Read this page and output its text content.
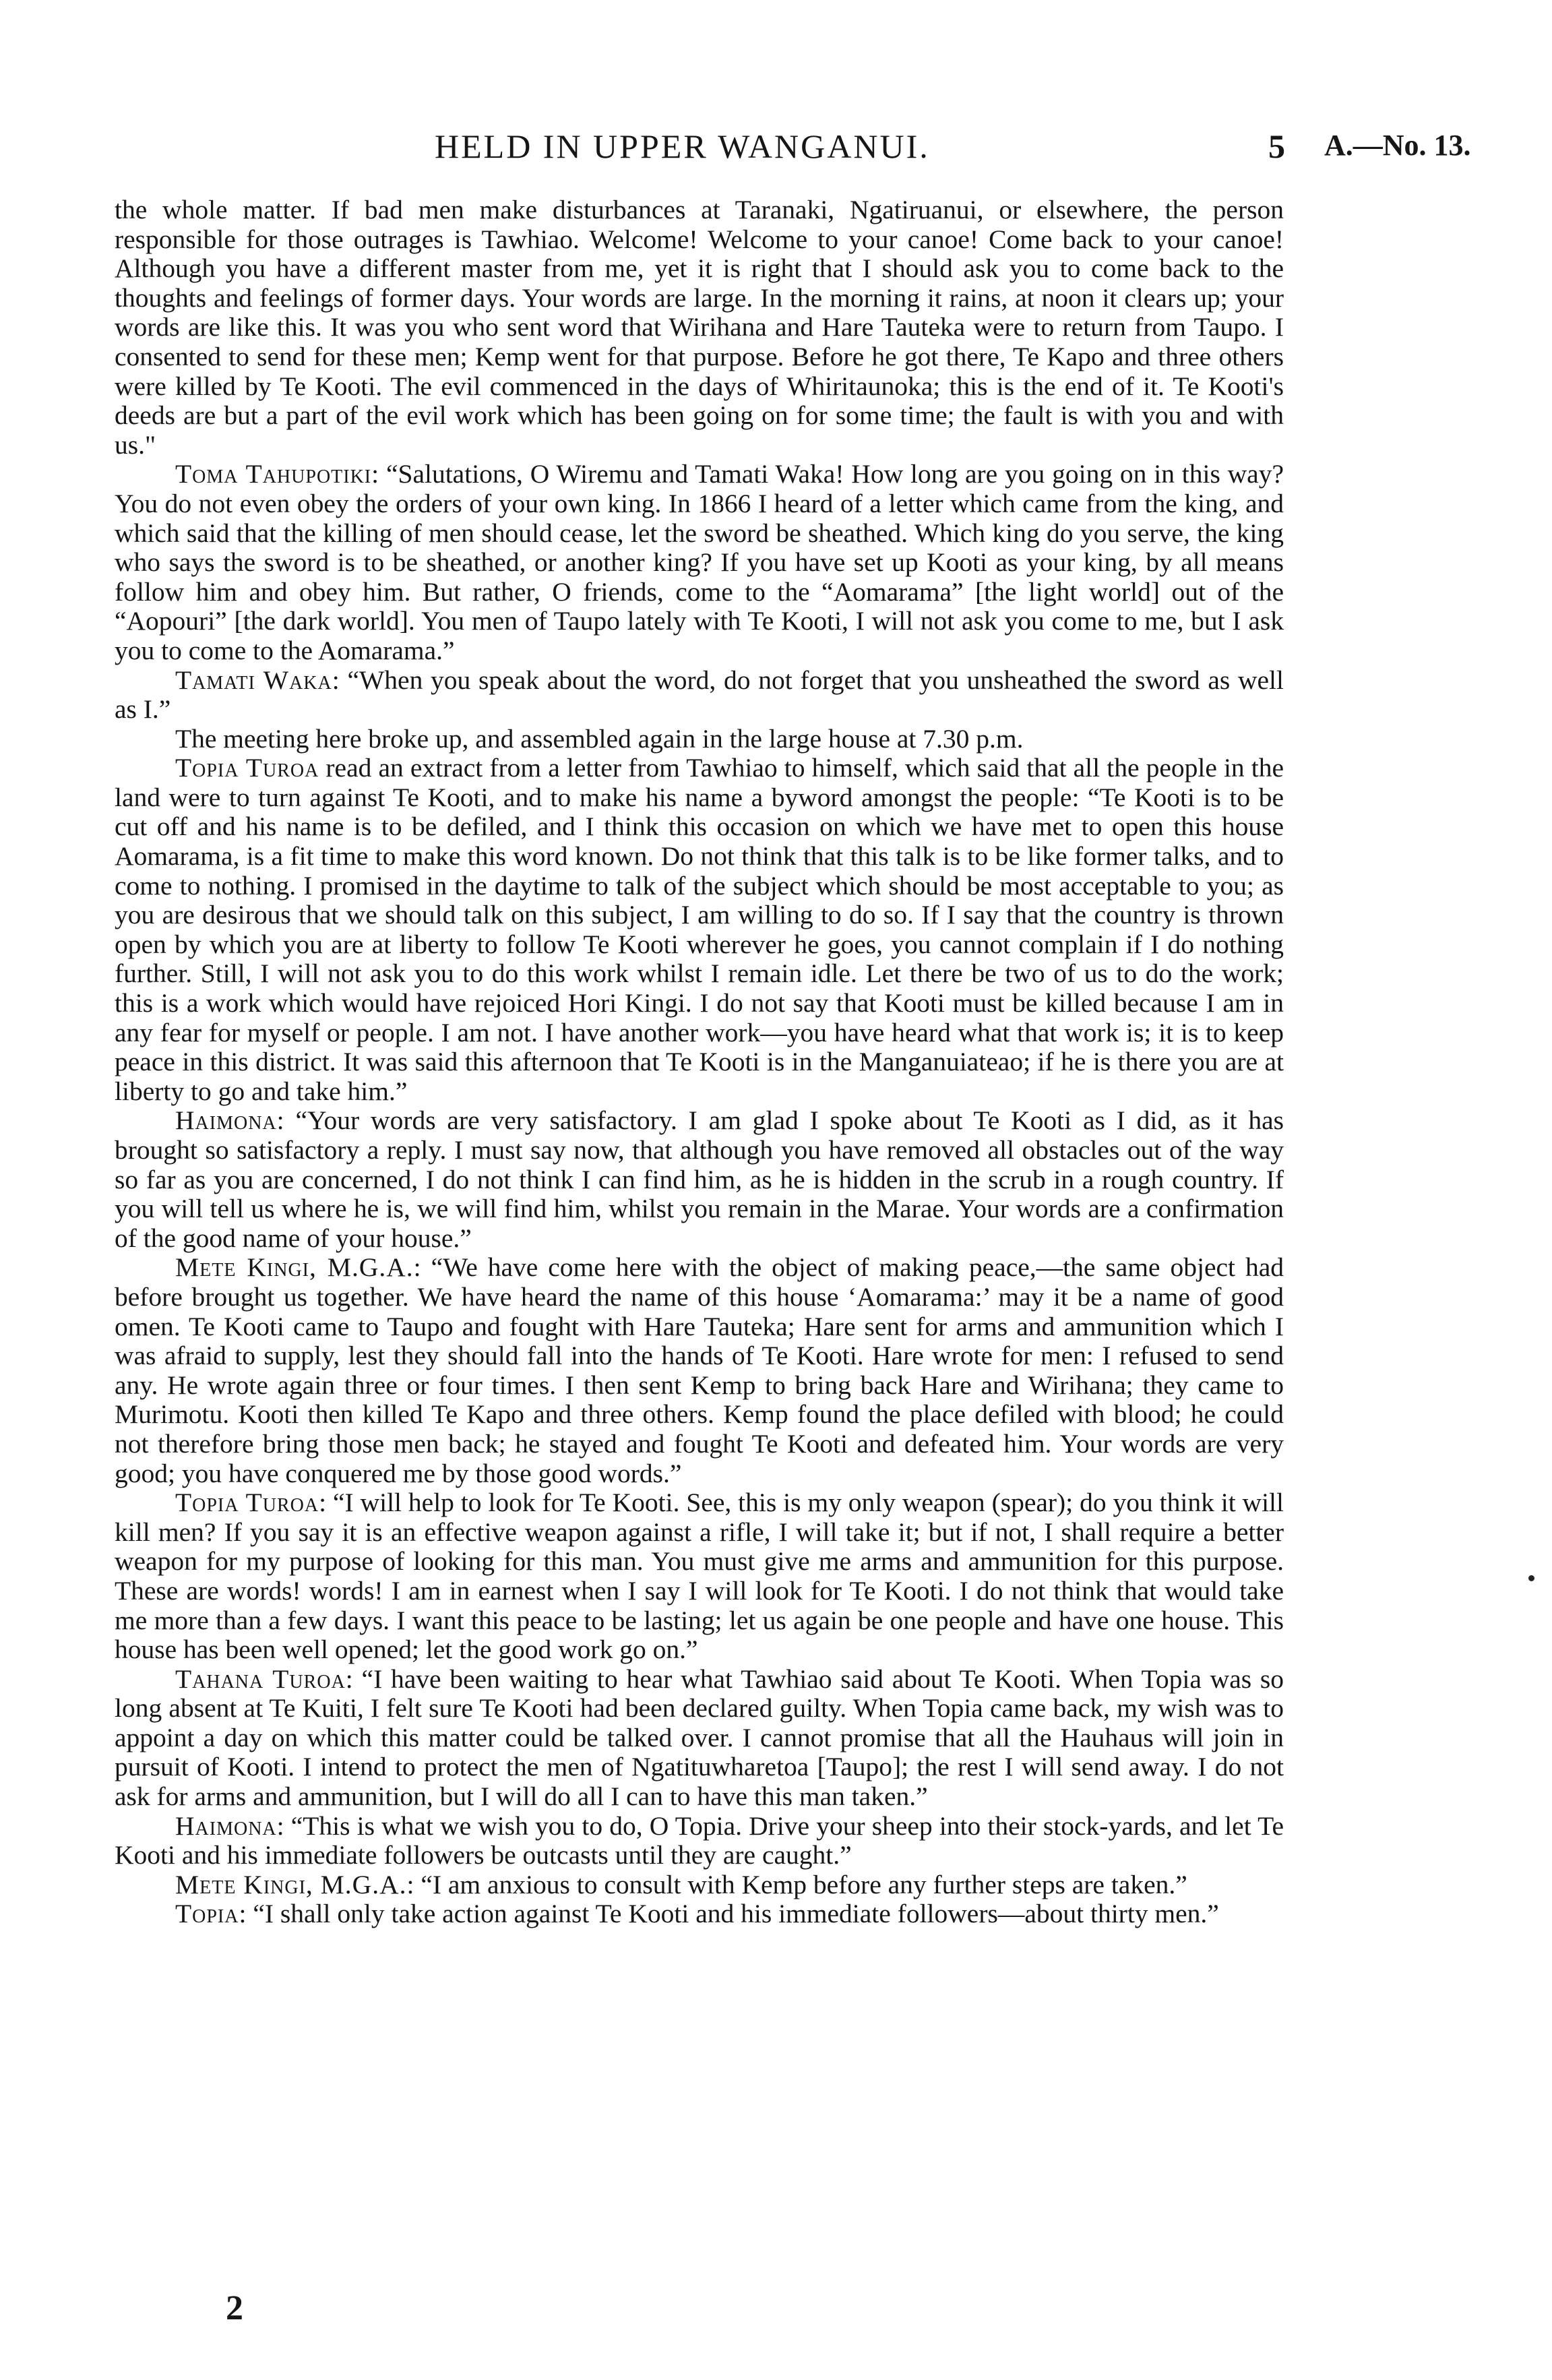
HELD IN UPPER WANGANUI.	5 A.—No. 13.

the whole matter. If bad men make disturbances at Taranaki, Ngatiruanui, or elsewhere, the person responsible for those outrages is Tawhiao. Welcome! Welcome to your canoe! Come back to your canoe! Although you have a different master from me, yet it is right that I should ask you to come back to the thoughts and feelings of former days. Your words are large. In the morning it rains, at noon it clears up; your words are like this. It was you who sent word that Wirihana and Hare Tauteka were to return from Taupo. I consented to send for these men; Kemp went for that purpose. Before he got there, Te Kapo and three others were killed by Te Kooti. The evil commenced in the days of Whiritaunoka; this is the end of it. Te Kooti's deeds are but a part of the evil work which has been going on for some time; the fault is with you and with us."

Toma Tahupotiki: “Salutations, O Wiremu and Tamati Waka! How long are you going on in this way? You do not even obey the orders of your own king. In 1866 I heard of a letter which came from the king, and which said that the killing of men should cease, let the sword be sheathed. Which king do you serve, the king who says the sword is to be sheathed, or another king? If you have set up Kooti as your king, by all means follow him and obey him. But rather, O friends, come to the “Aomarama” [the light world] out of the “Aopouri” [the dark world]. You men of Taupo lately with Te Kooti, I will not ask you come to me, but I ask you to come to the Aomarama.”

Tamati Waka: “When you speak about the word, do not forget that you unsheathed the sword as well as I.”

The meeting here broke up, and assembled again in the large house at 7.30 p.m.

Topia Turoa read an extract from a letter from Tawhiao to himself, which said that all the people in the land were to turn against Te Kooti, and to make his name a byword amongst the people: “Te Kooti is to be cut off and his name is to be defiled, and I think this occasion on which we have met to open this house Aomarama, is a fit time to make this word known. Do not think that this talk is to be like former talks, and to come to nothing. I promised in the daytime to talk of the subject which should be most acceptable to you; as you are desirous that we should talk on this subject, I am willing to do so. If I say that the country is thrown open by which you are at liberty to follow Te Kooti wherever he goes, you cannot complain if I do nothing further. Still, I will not ask you to do this work whilst I remain idle. Let there be two of us to do the work; this is a work which would have rejoiced Hori Kingi. I do not say that Kooti must be killed because I am in any fear for myself or people. I am not. I have another work—you have heard what that work is; it is to keep peace in this district. It was said this afternoon that Te Kooti is in the Manganuiateao; if he is there you are at liberty to go and take him.”

Haimona: “Your words are very satisfactory. I am glad I spoke about Te Kooti as I did, as it has brought so satisfactory a reply. I must say now, that although you have removed all obstacles out of the way so far as you are concerned, I do not think I can find him, as he is hidden in the scrub in a rough country. If you will tell us where he is, we will find him, whilst you remain in the Marae. Your words are a confirmation of the good name of your house.”

Mete Kingi, M.G.A.: “We have come here with the object of making peace,—the same object had before brought us together. We have heard the name of this house ‘Aomarama:’ may it be a name of good omen. Te Kooti came to Taupo and fought with Hare Tauteka; Hare sent for arms and ammunition which I was afraid to supply, lest they should fall into the hands of Te Kooti. Hare wrote for men: I refused to send any. He wrote again three or four times. I then sent Kemp to bring back Hare and Wirihana; they came to Murimotu. Kooti then killed Te Kapo and three others. Kemp found the place defiled with blood; he could not therefore bring those men back; he stayed and fought Te Kooti and defeated him. Your words are very good; you have conquered me by those good words.”

Topia Turoa: “I will help to look for Te Kooti. See, this is my only weapon (spear); do you think it will kill men? If you say it is an effective weapon against a rifle, I will take it; but if not, I shall require a better weapon for my purpose of looking for this man. You must give me arms and ammunition for this purpose. These are words! words! I am in earnest when I say I will look for Te Kooti. I do not think that would take me more than a few days. I want this peace to be lasting; let us again be one people and have one house. This house has been well opened; let the good work go on.”

Tahana Turoa: “I have been waiting to hear what Tawhiao said about Te Kooti. When Topia was so long absent at Te Kuiti, I felt sure Te Kooti had been declared guilty. When Topia came back, my wish was to appoint a day on which this matter could be talked over. I cannot promise that all the Hauhaus will join in pursuit of Kooti. I intend to protect the men of Ngatituwharetoa [Taupo]; the rest I will send away. I do not ask for arms and ammunition, but I will do all I can to have this man taken.”

Haimona: “This is what we wish you to do, O Topia. Drive your sheep into their stock-yards, and let Te Kooti and his immediate followers be outcasts until they are caught.”

Mete Kingi, M.G.A.: “I am anxious to consult with Kemp before any further steps are taken.”

Topia: “I shall only take action against Te Kooti and his immediate followers—about thirty men.”

2
